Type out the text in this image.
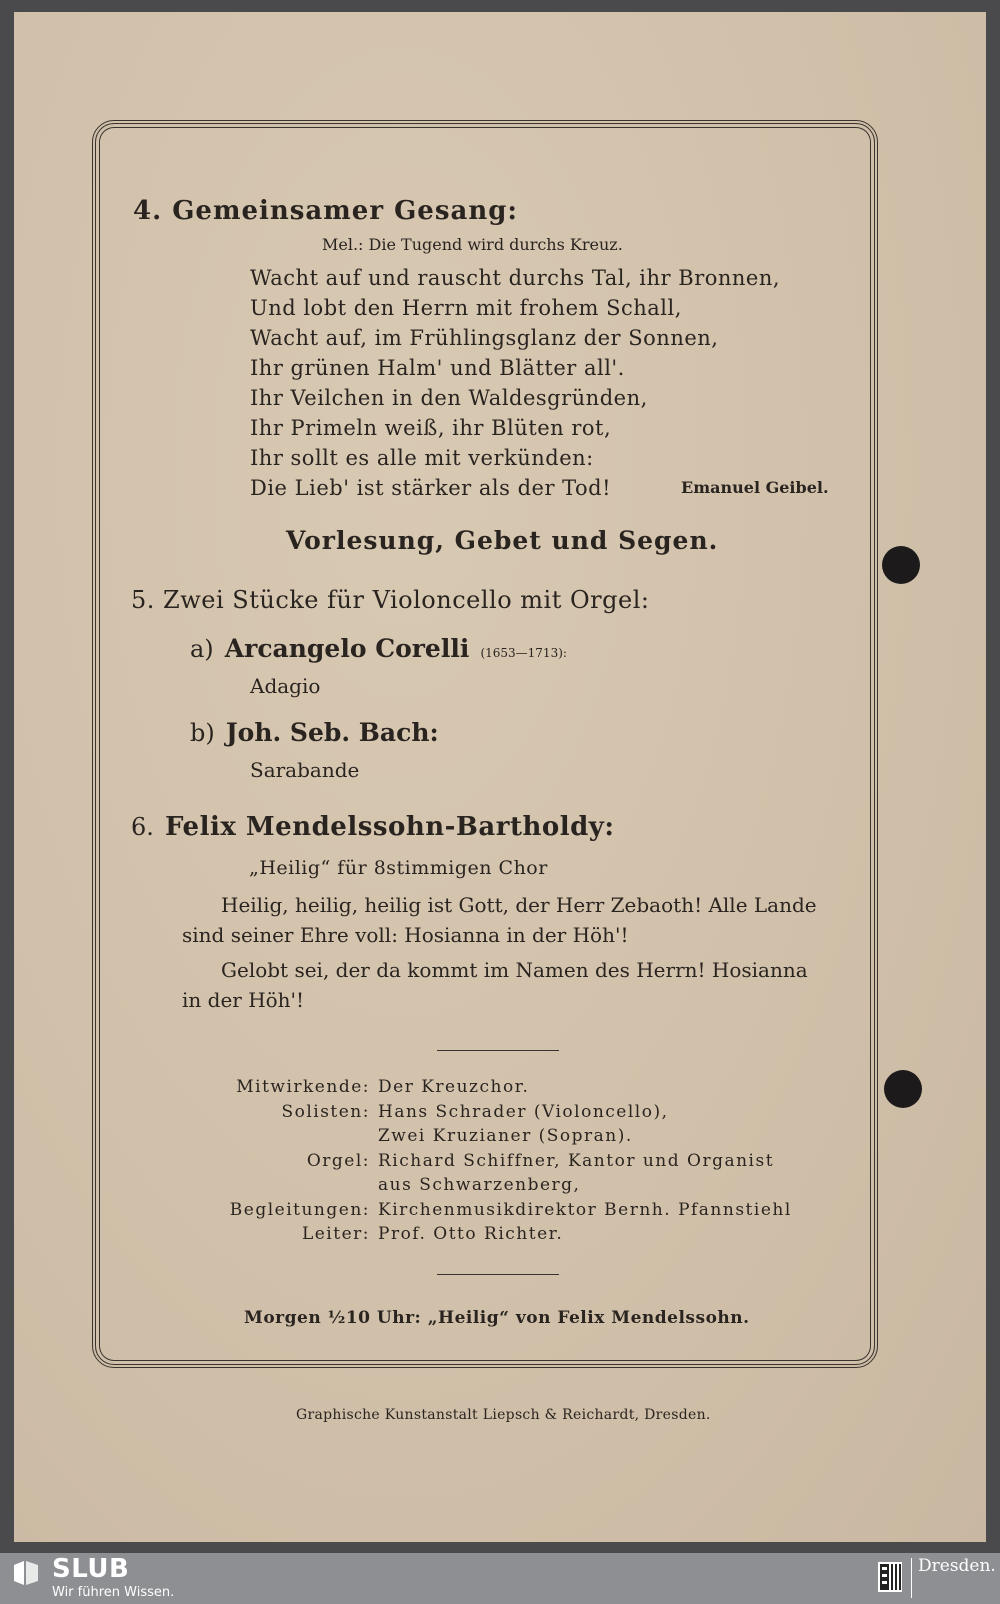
4. Gemeinsamer Gesang:
Mel.: Die Tugend wird durchs Kreuz.
Wacht auf und rauscht durchs Tal, ihr Bronnen,
Und lobt den Herrn mit frohem Schall,
Wacht auf, im Frühlingsglanz der Sonnen,
Ihr grünen Halm' und Blätter all'.
Ihr Veilchen in den Waldesgründen,
Ihr Primeln weiß, ihr Blüten rot,
Ihr sollt es alle mit verkünden:
Die Lieb' ist stärker als der Tod!	Emanuel Geibel.
Vorlesung, Gebet und Segen.
5. Zwei Stücke für Violoncello mit Orgel:
a) Arcangelo Corelli (1653—1713):
Adagio
b) Joh. Seb. Bach:
Sarabande
6. Felix Mendelssohn-Bartholdy:
„Heilig“ für 8stimmigen Chor
Heilig, heilig, heilig ist Gott, der Herr Zebaoth! Alle Lande
sind seiner Ehre voll: Hosianna in der Höh'!
Gelobt sei, der da kommt im Namen des Herrn! Hosianna
in der Höh'!
Mitwirkende: Der Kreuzchor.
Solisten: Hans Schrader (Violoncello),
Zwei Kruzianer (Sopran).
Orgel: Richard Schiffner, Kantor und Organist
aus Schwarzenberg,
Begleitungen: Kirchenmusikdirektor Bernh. Pfannstiehl
Leiter: Prof. Otto Richter.
Morgen ½10 Uhr: „Heilig“ von Felix Mendelssohn.
Graphische Kunstanstalt Liepsch & Reichardt, Dresden.
SLUB
Wir führen Wissen.
Dresden.
